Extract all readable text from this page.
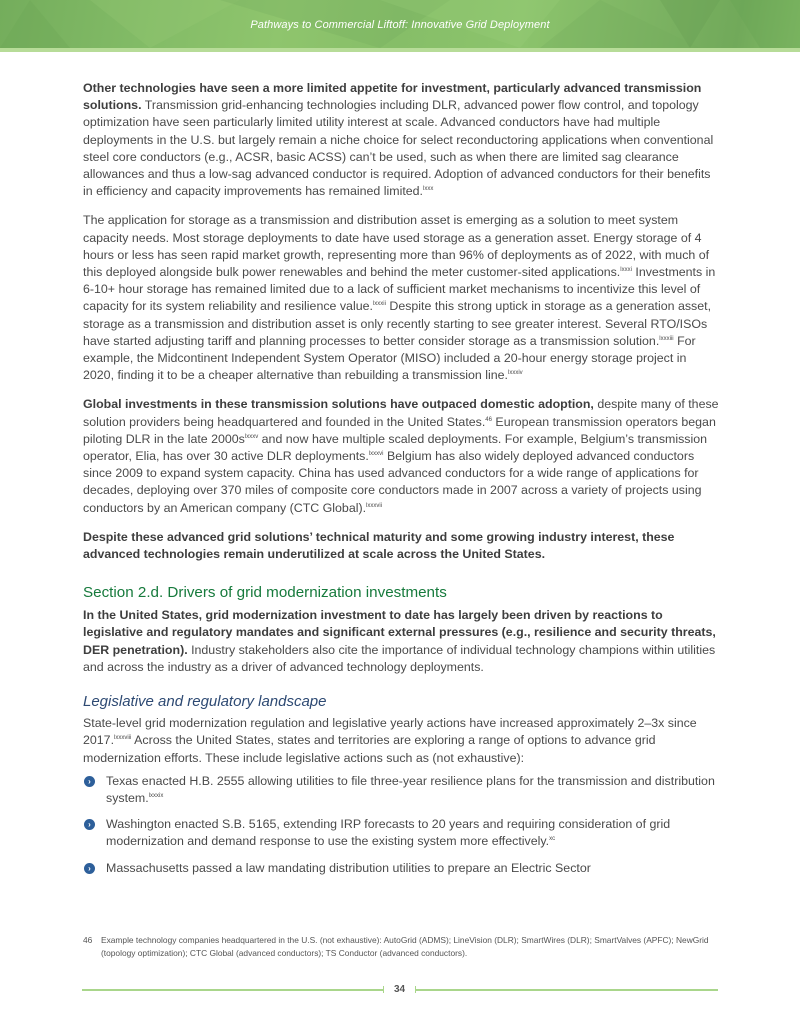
Pathways to Commercial Liftoff: Innovative Grid Deployment

Other technologies have seen a more limited appetite for investment, particularly advanced transmission solutions. Transmission grid-enhancing technologies including DLR, advanced power flow control, and topology optimization have seen particularly limited utility interest at scale. Advanced conductors have had multiple deployments in the U.S. but largely remain a niche choice for select reconductoring applications when conventional steel core conductors (e.g., ACSR, basic ACSS) can’t be used, such as when there are limited sag clearance allowances and thus a low-sag advanced conductor is required. Adoption of advanced conductors for their benefits in efficiency and capacity improvements has remained limited.$^{lxxx}$

The application for storage as a transmission and distribution asset is emerging as a solution to meet system capacity needs. Most storage deployments to date have used storage as a generation asset. Energy storage of 4 hours or less has seen rapid market growth, representing more than 96% of deployments as of 2022, with much of this deployed alongside bulk power renewables and behind the meter customer-sited applications.$^{lxxxi}$ Investments in 6-10+ hour storage has remained limited due to a lack of sufficient market mechanisms to incentivize this level of capacity for its system reliability and resilience value.$^{lxxxii}$ Despite this strong uptick in storage as a generation asset, storage as a transmission and distribution asset is only recently starting to see greater interest. Several RTO/ISOs have started adjusting tariff and planning processes to better consider storage as a transmission solution.$^{lxxxiii}$ For example, the Midcontinent Independent System Operator (MISO) included a 20-hour energy storage project in 2020, finding it to be a cheaper alternative than rebuilding a transmission line.$^{lxxxiv}$

Global investments in these transmission solutions have outpaced domestic adoption, despite many of these solution providers being headquartered and founded in the United States.$^{46}$ European transmission operators began piloting DLR in the late $2000s^{lxxxv}$ and now have multiple scaled deployments. For example, Belgium’s transmission operator, Elia, has over 30 active DLR deployments.$^{lxxxvi}$ Belgium has also widely deployed advanced conductors since 2009 to expand system capacity. China has used advanced conductors for a wide range of applications for decades, deploying over 370 miles of composite core conductors made in 2007 across a variety of projects using conductors by an American company (CTC Global).$^{lxxxvii}$

Despite these advanced grid solutions’ technical maturity and some growing industry interest, these advanced technologies remain underutilized at scale across the United States.

Section 2.d. Drivers of grid modernization investments

In the United States, grid modernization investment to date has largely been driven by reactions to legislative and regulatory mandates and significant external pressures (e.g., resilience and security threats, DER penetration). Industry stakeholders also cite the importance of individual technology champions within utilities and across the industry as a driver of advanced technology deployments.

Legislative and regulatory landscape

State-level grid modernization regulation and legislative yearly actions have increased approximately 2–3x since 2017.$^{lxxxviii}$ Across the United States, states and territories are exploring a range of options to advance grid modernization efforts. These include legislative actions such as (not exhaustive):

›	Texas enacted H.B. 2555 allowing utilities to file three-year resilience plans for the transmission and distribution system.$^{lxxxix}$
›	Washington enacted S.B. 5165, extending IRP forecasts to 20 years and requiring consideration of grid modernization and demand response to use the existing system more effectively.$^{xc}$
›	Massachusetts passed a law mandating distribution utilities to prepare an Electric Sector
46 Example technology companies headquartered in the U.S. (not exhaustive): AutoGrid (ADMS); LineVision (DLR); SmartWires (DLR); SmartValves (APFC); NewGrid (topology optimization); CTC Global (advanced conductors); TS Conductor (advanced conductors).
34
